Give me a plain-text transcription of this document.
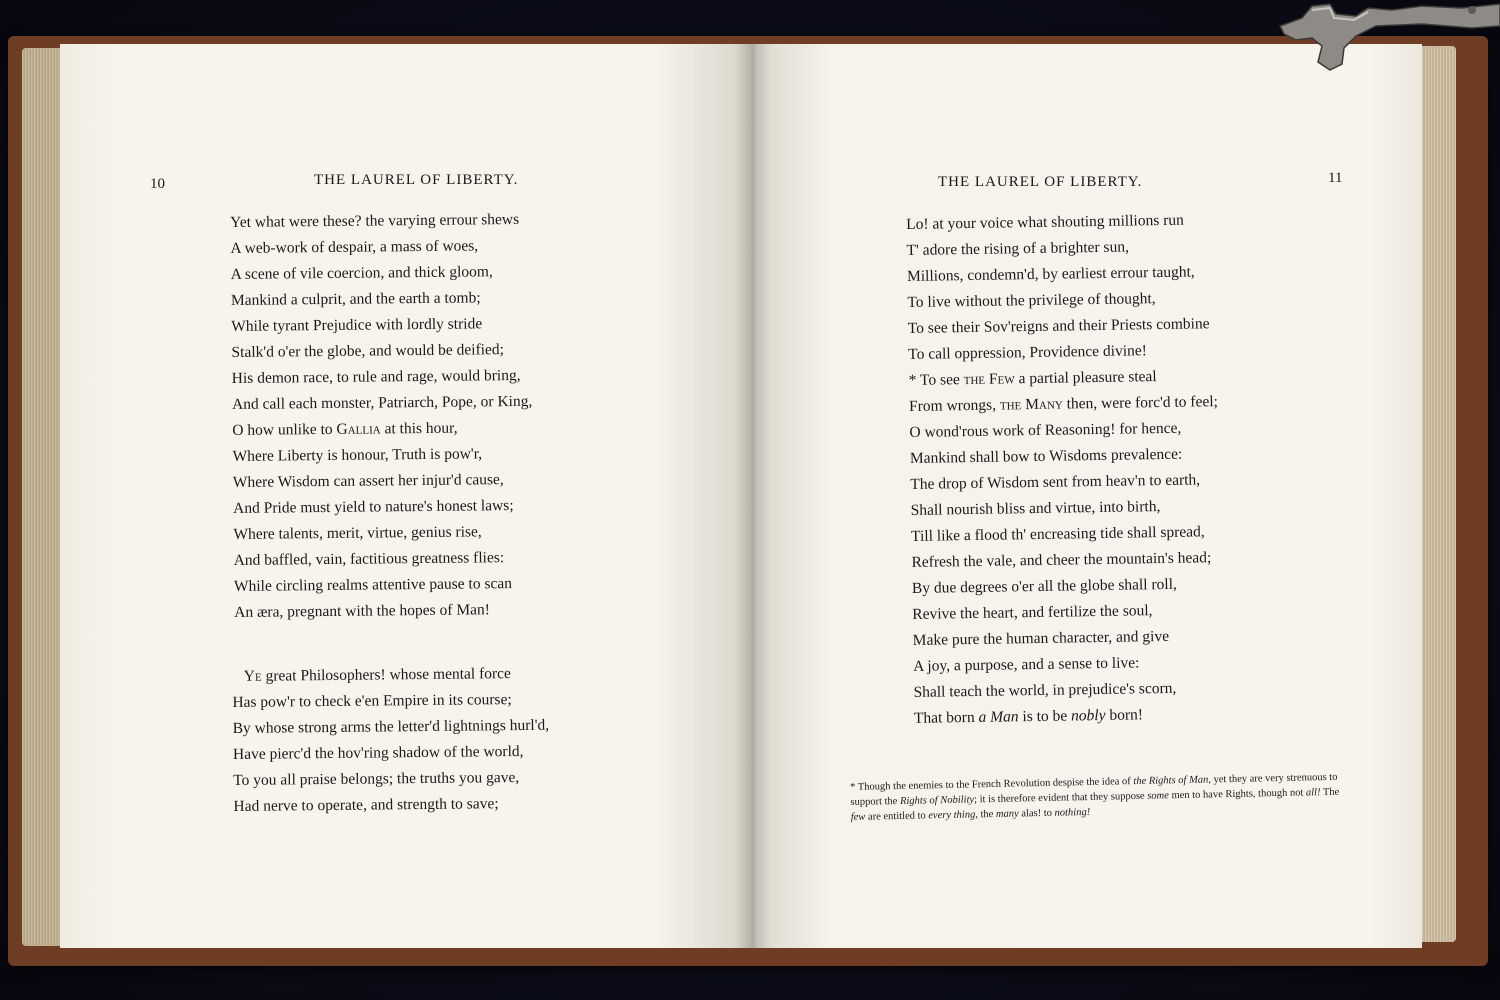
10	THE LAUREL OF LIBERTY.
Yet what were these? the varying errour shews
A web-work of despair, a mass of woes,
A scene of vile coercion, and thick gloom,
Mankind a culprit, and the earth a tomb;
While tyrant Prejudice with lordly stride
Stalk'd o'er the globe, and would be deified;
His demon race, to rule and rage, would bring,
And call each monster, Patriarch, Pope, or King,
O how unlike to Gallia at this hour,
Where Liberty is honour, Truth is pow'r,
Where Wisdom can assert her injur'd cause,
And Pride must yield to nature's honest laws;
Where talents, merit, virtue, genius rise,
And baffled, vain, factitious greatness flies:
While circling realms attentive pause to scan
An æra, pregnant with the hopes of Man!
Ye great Philosophers! whose mental force
Has pow'r to check e'en Empire in its course;
By whose strong arms the letter'd lightnings hurl'd,
Have pierc'd the hov'ring shadow of the world,
To you all praise belongs; the truths you gave,
Had nerve to operate, and strength to save;
THE LAUREL OF LIBERTY.	11
Lo! at your voice what shouting millions run
T' adore the rising of a brighter sun,
Millions, condemn'd, by earliest errour taught,
To live without the privilege of thought,
To see their Sov'reigns and their Priests combine
To call oppression, Providence divine!
* To see the Few a partial pleasure steal
From wrongs, the Many then, were forc'd to feel;
O wond'rous work of Reasoning! for hence,
Mankind shall bow to Wisdoms prevalence:
The drop of Wisdom sent from heav'n to earth,
Shall nourish bliss and virtue, into birth,
Till like a flood th' encreasing tide shall spread,
Refresh the vale, and cheer the mountain's head;
By due degrees o'er all the globe shall roll,
Revive the heart, and fertilize the soul,
Make pure the human character, and give
A joy, a purpose, and a sense to live:
Shall teach the world, in prejudice's scorn,
That born a Man is to be nobly born!
* Though the enemies to the French Revolution despise the idea of the Rights of Man, yet they are very strenuous to support the Rights of Nobility; it is therefore evident that they suppose some men to have Rights, though not all! The few are entitled to every thing, the many alas! to nothing!
